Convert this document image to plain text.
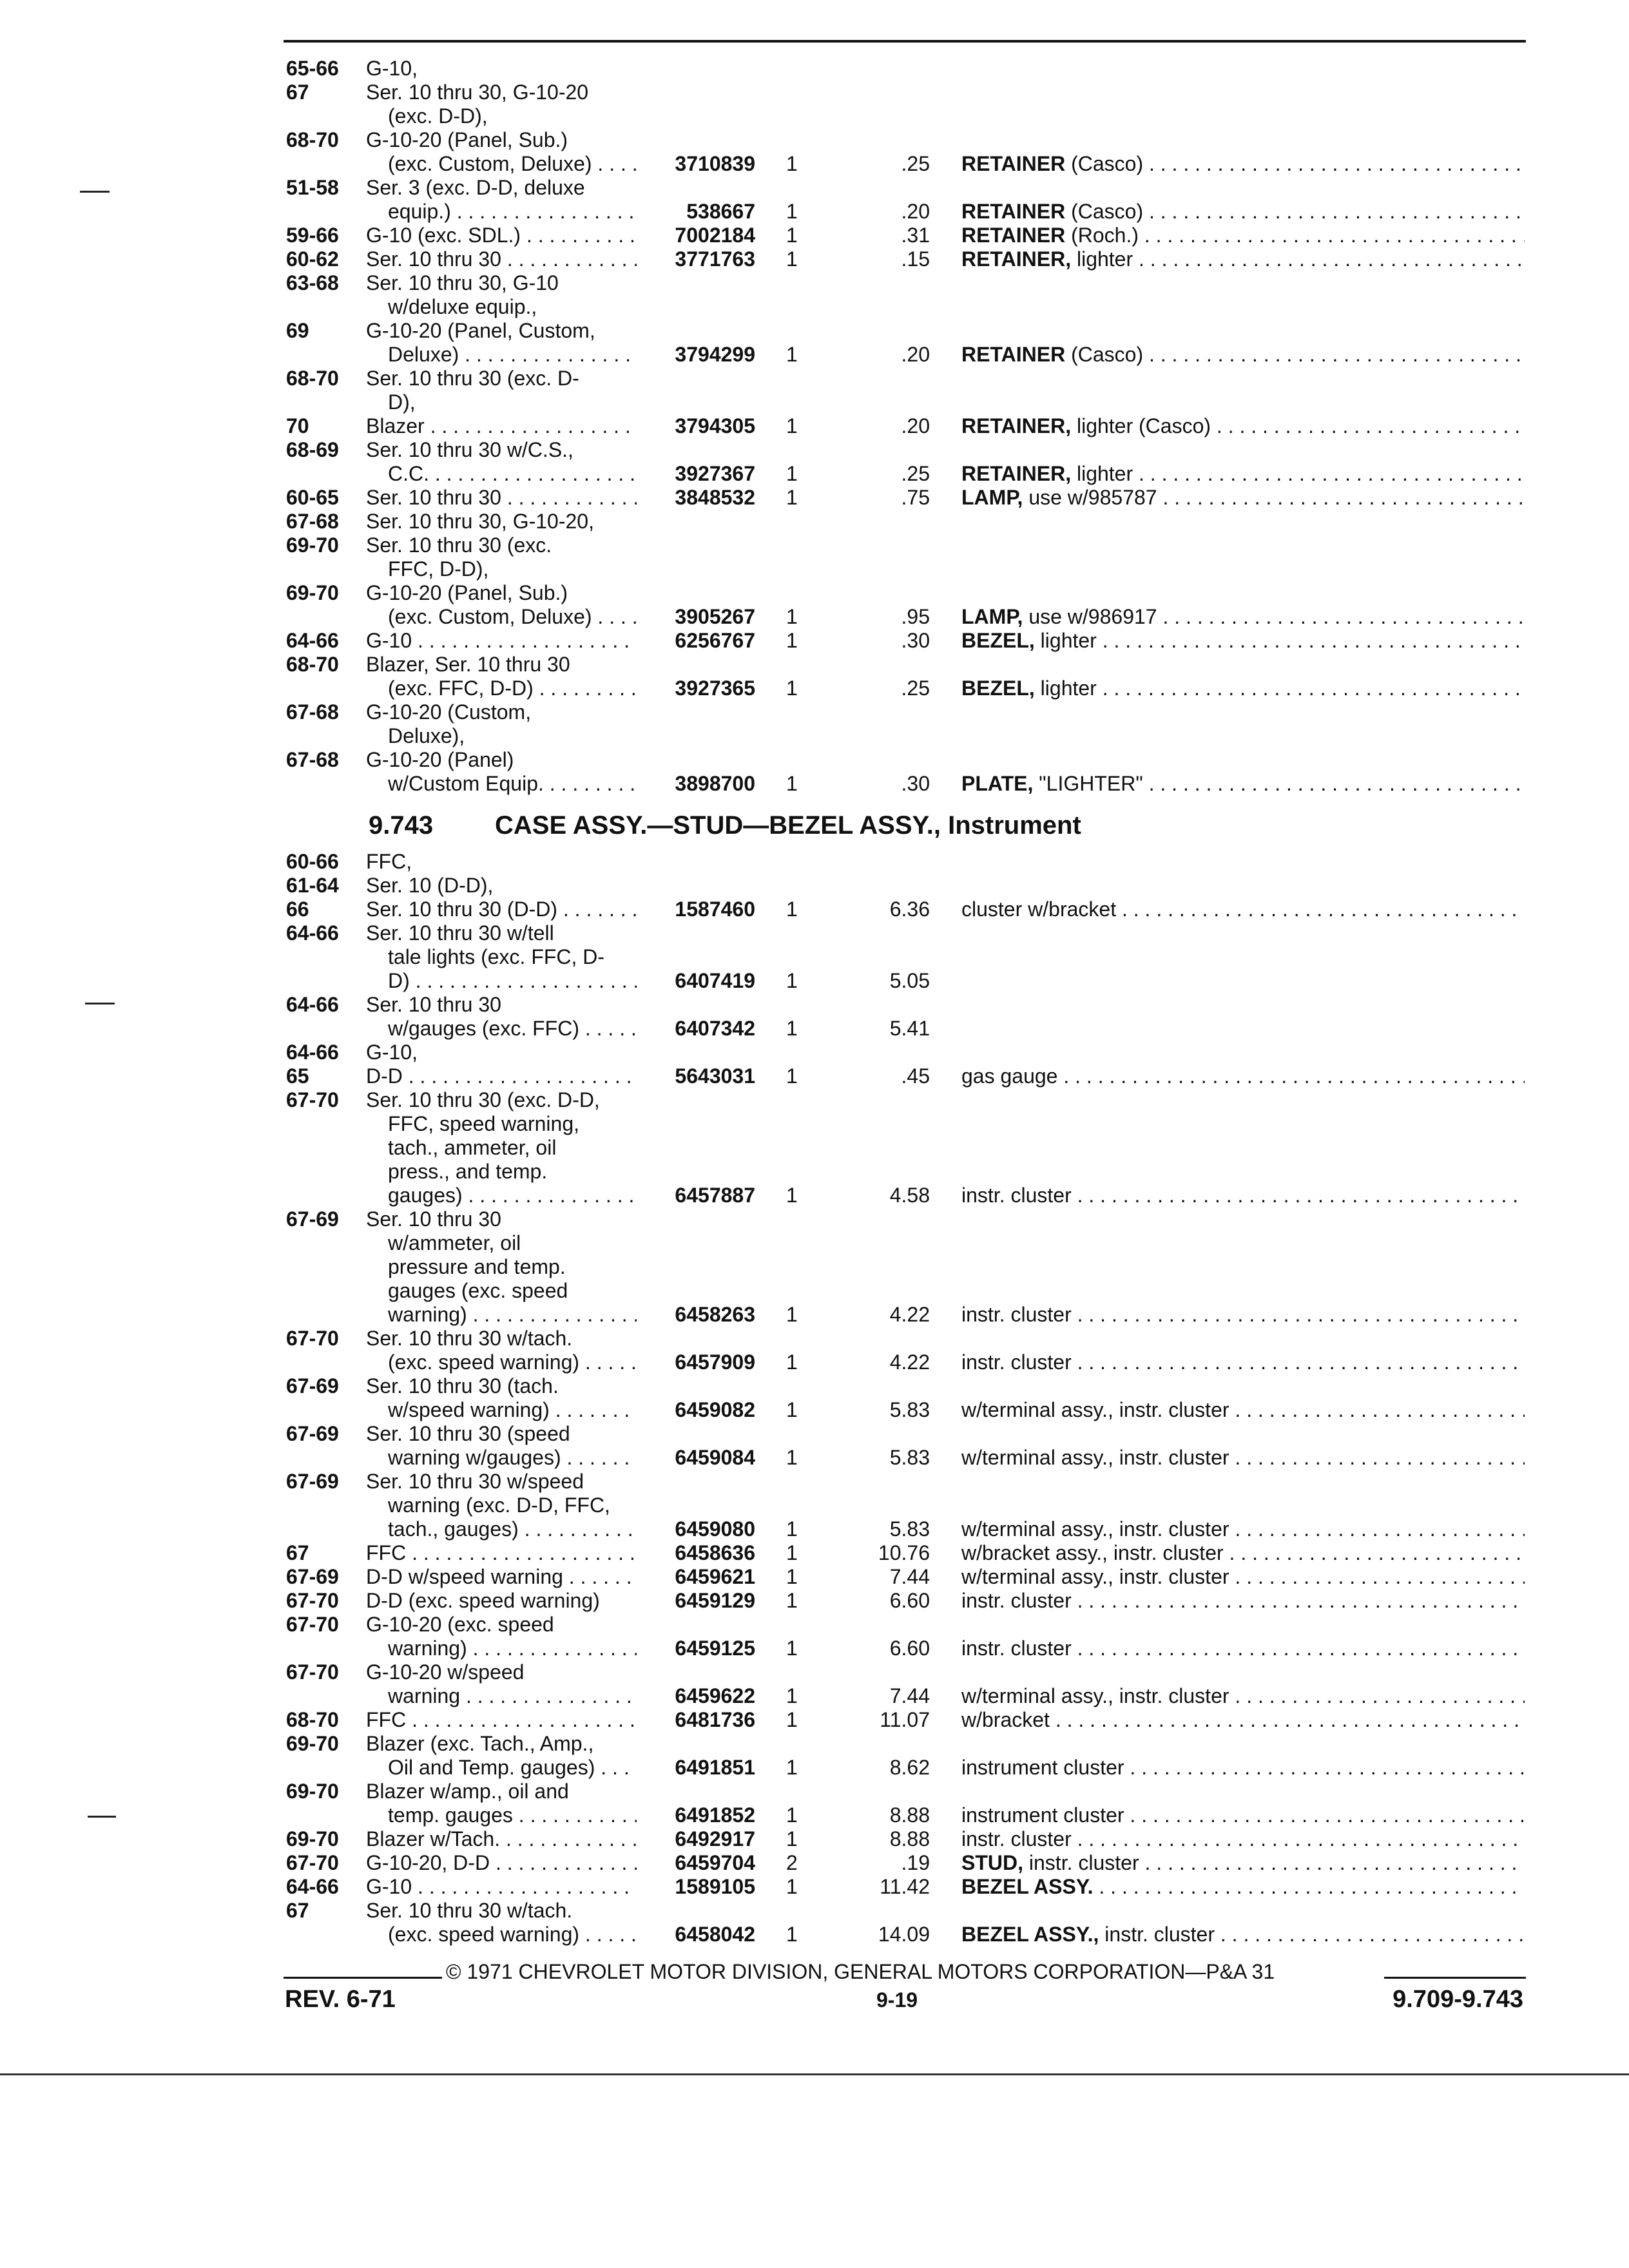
65-66 G-10,
67	Ser. 10 thru 30, G-10-20
(exc. D-D),
68-70 G-10-20 (Panel, Sub.)
(exc. Custom, Deluxe) . . .	3710839 1	.25 RETAINER (Casco) . . .
51-58 Ser. 3 (exc. D-D, deluxe
equip.) . . .	538667 1	.20 RETAINER (Casco) . . .
59-66 G-10 (exc. SDL.) . . .	7002184 1	.31 RETAINER (Roch.) . . .
60-62 Ser. 10 thru 30 . . .	3771763 1	.15 RETAINER, lighter . . .
63-68 Ser. 10 thru 30, G-10
w/deluxe equip.,
69	G-10-20 (Panel, Custom,
Deluxe) . . .	3794299 1	.20 RETAINER (Casco) . . .
68-70 Ser. 10 thru 30 (exc. D-
D),
70	Blazer . . .	3794305 1	.20 RETAINER, lighter (Casco) . . .
68-69 Ser. 10 thru 30 w/C.S.,
C.C. . . .	3927367 1	.25 RETAINER, lighter . . .
60-65 Ser. 10 thru 30 . . .	3848532 1	.75 LAMP, use w/985787 . . .
67-68 Ser. 10 thru 30, G-10-20,
69-70 Ser. 10 thru 30 (exc.
FFC, D-D),
69-70 G-10-20 (Panel, Sub.)
(exc. Custom, Deluxe) . . .	3905267 1	.95 LAMP, use w/986917 . . .
64-66 G-10 . . .	6256767 1	.30 BEZEL, lighter . . .
68-70 Blazer, Ser. 10 thru 30
(exc. FFC, D-D) . . .	3927365 1	.25 BEZEL, lighter . . .
67-68 G-10-20 (Custom,
Deluxe),
67-68 G-10-20 (Panel)
w/Custom Equip. . . .	3898700 1	.30 PLATE, "LIGHTER" . . .
60-66 FFC,
61-64 Ser. 10 (D-D),
66	Ser. 10 thru 30 (D-D) . . .	1587460 1	6.36 cluster w/bracket . . .
64-66 Ser. 10 thru 30 w/tell
tale lights (exc. FFC, D-
D) . . .	6407419 1	5.05
64-66 Ser. 10 thru 30
w/gauges (exc. FFC) . . .	6407342 1	5.41
64-66 G-10,
65	D-D . . .	5643031 1	.45 gas gauge . . .
67-70 Ser. 10 thru 30 (exc. D-D,
FFC, speed warning,
tach., ammeter, oil
press., and temp.
gauges) . . .	6457887 1	4.58 instr. cluster . . .
67-69 Ser. 10 thru 30
w/ammeter, oil
pressure and temp.
gauges (exc. speed
warning) . . .	6458263 1	4.22 instr. cluster . . .
67-70 Ser. 10 thru 30 w/tach.
(exc. speed warning) . . .	6457909 1	4.22 instr. cluster . . .
67-69 Ser. 10 thru 30 (tach.
w/speed warning) . . .	6459082 1	5.83 w/terminal assy., instr. cluster . . .
67-69 Ser. 10 thru 30 (speed
warning w/gauges) . . .	6459084 1	5.83 w/terminal assy., instr. cluster . . .
67-69 Ser. 10 thru 30 w/speed
warning (exc. D-D, FFC,
tach., gauges) . . .	6459080 1	5.83 w/terminal assy., instr. cluster . . .
67	FFC . . .	6458636 1	10.76 w/bracket assy., instr. cluster . . .
67-69 D-D w/speed warning . . .	6459621 1	7.44 w/terminal assy., instr. cluster . . .
67-70 D-D (exc. speed warning)	6459129 1	6.60 instr. cluster . . .
67-70 G-10-20 (exc. speed
warning) . . .	6459125 1	6.60 instr. cluster . . .
67-70 G-10-20 w/speed
warning . . .	6459622 1	7.44 w/terminal assy., instr. cluster . . .
68-70 FFC . . .	6481736 1	11.07 w/bracket . . .
69-70 Blazer (exc. Tach., Amp.,
Oil and Temp. gauges) . . .	6491851 1	8.62 instrument cluster . . .
69-70 Blazer w/amp., oil and
temp. gauges . . .	6491852 1	8.88 instrument cluster . . .
69-70 Blazer w/Tach. . . .	6492917 1	8.88 instr. cluster . . .
67-70 G-10-20, D-D . . .	6459704 2	.19 STUD, instr. cluster . . .
64-66 G-10 . . .	1589105 1	11.42 BEZEL ASSY. . . .
67	Ser. 10 thru 30 w/tach.
(exc. speed warning) . . .	6458042 1	14.09 BEZEL ASSY., instr. cluster . . .
9.743 CASE ASSY.—STUD—BEZEL ASSY., Instrument
© 1971 CHEVROLET MOTOR DIVISION, GENERAL MOTORS CORPORATION—P&A 31
REV. 6-71	9-19	9.709-9.743
